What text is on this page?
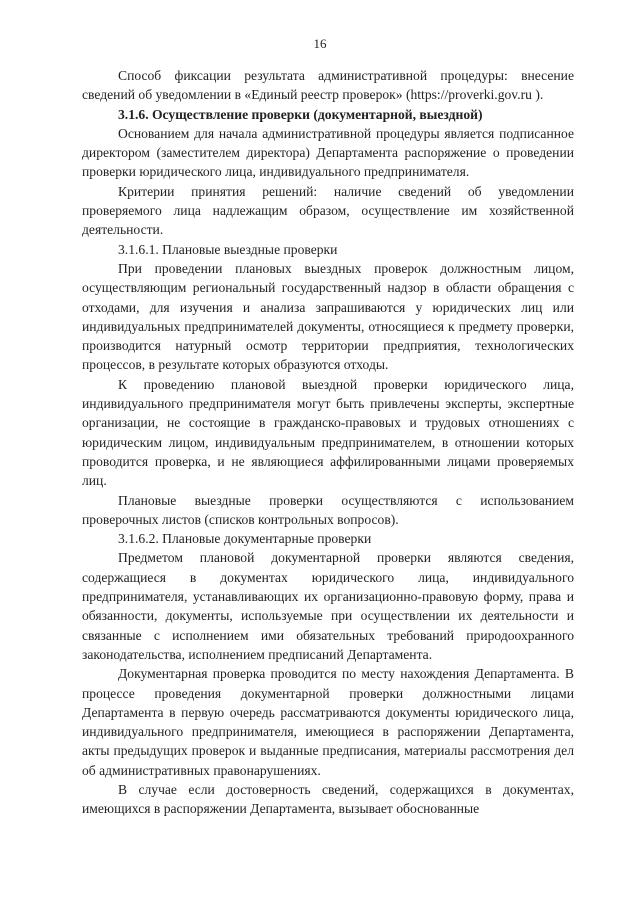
16

Способ фиксации результата административной процедуры: внесение сведений об уведомлении в «Единый реестр проверок» (https://proverki.gov.ru ).

3.1.6. Осуществление проверки (документарной, выездной)

Основанием для начала административной процедуры является подписанное директором (заместителем директора) Департамента распоряжение о проведении проверки юридического лица, индивидуального предпринимателя.

Критерии принятия решений: наличие сведений об уведомлении проверяемого лица надлежащим образом, осуществление им хозяйственной деятельности.

3.1.6.1. Плановые выездные проверки

При проведении плановых выездных проверок должностным лицом, осуществляющим региональный государственный надзор в области обращения с отходами, для изучения и анализа запрашиваются у юридических лиц или индивидуальных предпринимателей документы, относящиеся к предмету проверки, производится натурный осмотр территории предприятия, технологических процессов, в результате которых образуются отходы.

К проведению плановой выездной проверки юридического лица, индивидуального предпринимателя могут быть привлечены эксперты, экспертные организации, не состоящие в гражданско-правовых и трудовых отношениях с юридическим лицом, индивидуальным предпринимателем, в отношении которых проводится проверка, и не являющиеся аффилированными лицами проверяемых лиц.

Плановые выездные проверки осуществляются с использованием проверочных листов (списков контрольных вопросов).

3.1.6.2. Плановые документарные проверки

Предметом плановой документарной проверки являются сведения, содержащиеся в документах юридического лица, индивидуального предпринимателя, устанавливающих их организационно-правовую форму, права и обязанности, документы, используемые при осуществлении их деятельности и связанные с исполнением ими обязательных требований природоохранного законодательства, исполнением предписаний Департамента.

Документарная проверка проводится по месту нахождения Департамента. В процессе проведения документарной проверки должностными лицами Департамента в первую очередь рассматриваются документы юридического лица, индивидуального предпринимателя, имеющиеся в распоряжении Департамента, акты предыдущих проверок и выданные предписания, материалы рассмотрения дел об административных правонарушениях.

В случае если достоверность сведений, содержащихся в документах, имеющихся в распоряжении Департамента, вызывает обоснованные
